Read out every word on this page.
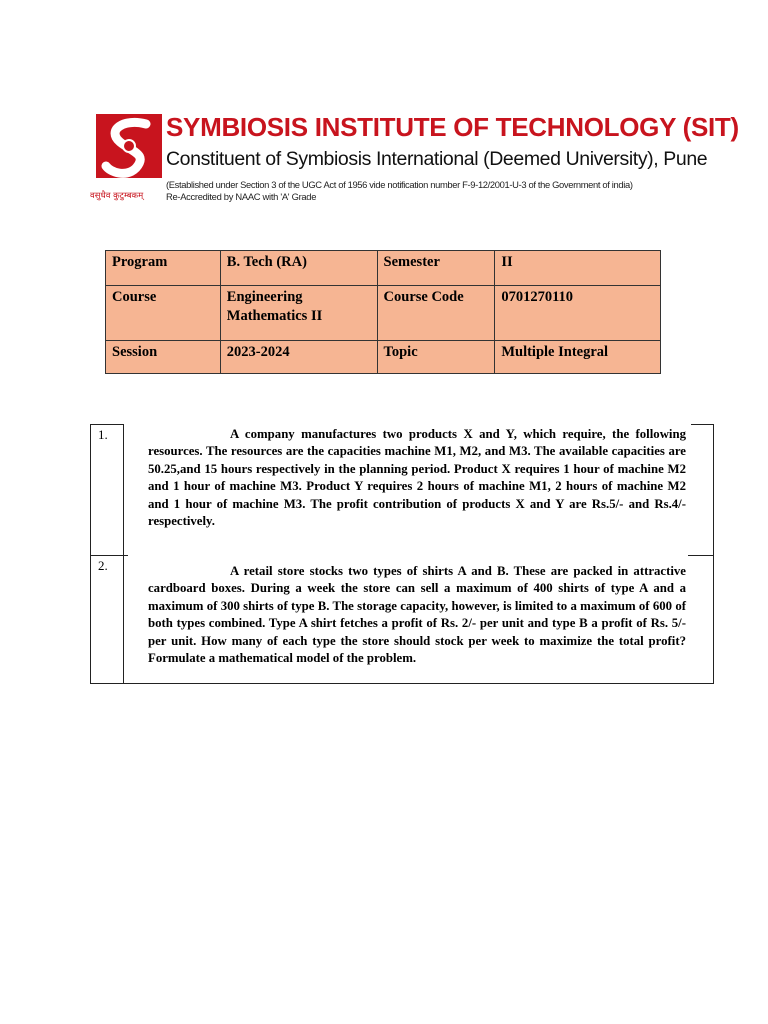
वसुधैव कुटुम्बकम्
SYMBIOSIS INSTITUTE OF TECHNOLOGY (SIT)
Constituent of Symbiosis International (Deemed University), Pune
(Established under Section 3 of the UGC Act of 1956 vide notification number F-9-12/2001-U-3 of the Government of india)
Re-Accredited by NAAC with 'A' Grade
Program	B. Tech (RA)	Semester	II
Course	Engineering Mathematics II	Course Code	0701270110
Session	2023-2024	Topic	Multiple Integral
1.	A company manufactures two products X and Y, which require, the following resources. The resources are the capacities machine M1, M2, and M3. The available capacities are 50.25,and 15 hours respectively in the planning period. Product X requires 1 hour of machine M2 and 1 hour of machine M3. Product Y requires 2 hours of machine M1, 2 hours of machine M2 and 1 hour of machine M3. The profit contribution of products X and Y are Rs.5/- and Rs.4/- respectively.
2.	A retail store stocks two types of shirts A and B. These are packed in attractive cardboard boxes. During a week the store can sell a maximum of 400 shirts of type A and a maximum of 300 shirts of type B. The storage capacity, however, is limited to a maximum of 600 of both types combined. Type A shirt fetches a profit of Rs. 2/- per unit and type B a profit of Rs. 5/- per unit. How many of each type the store should stock per week to maximize the total profit? Formulate a mathematical model of the problem.
